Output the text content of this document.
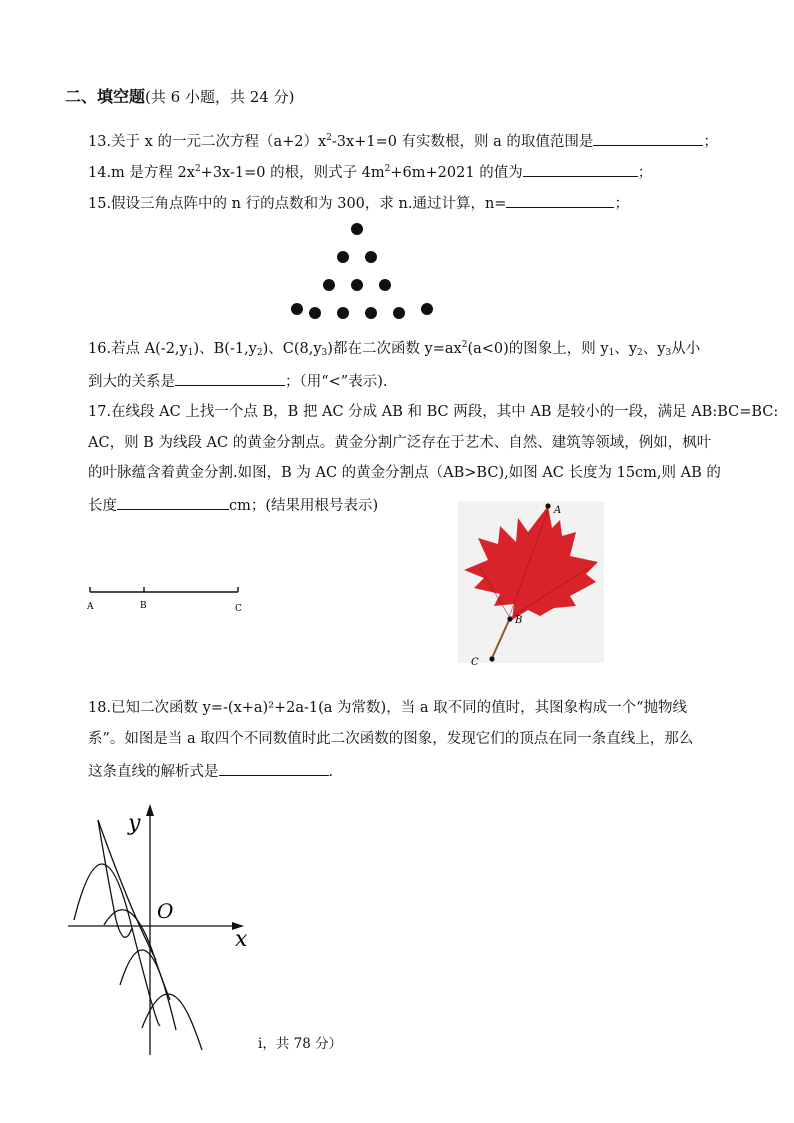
二、填空题(共 6 小题，共 24 分)
13.关于 x 的一元二次方程$(a+2)x^2-3x+1=0$ 有实数根，则 a 的取值范围是	；
14.m 是方程 $2x^2+3x-1=0$ 的根，则式子 $4m^2+6m+2021$ 的值为	；
15.假设三角点阵中的 n 行的点数和为 300，求 n.通过计算，n=	；
16.若点 $A(-2,y_1)$、$B(-1,y_2)$、$C(8,y_3)$都在二次函数 $y=ax^2(a<0)$的图象上，则 $y_1$、$y_2$、$y_3$从小
到大的关系是	；（用“<”表示).
17.在线段 AC 上找一个点 B，B 把 AC 分成 AB 和 BC 两段，其中 AB 是较小的一段，满足 AB:BC=BC:
AC，则 B 为线段 AC 的黄金分割点。黄金分割广泛存在于艺术、自然、建筑等领域，例如，枫叶
的叶脉蕴含着黄金分割.如图，B 为 AC 的黄金分割点（AB>BC),如图 AC 长度为 15cm,则 AB 的
长度	cm；(结果用根号表示)
A	B	C
A
B
C
18.已知二次函数 y=-(x+a)²+2a-1(a 为常数)，当 a 取不同的值时，其图象构成一个“抛物线
系”。如图是当 a 取四个不同数值时此二次函数的图象，发现它们的顶点在同一条直线上，那么
这条直线的解析式是	.
y
x
O
i，共 78 分）
